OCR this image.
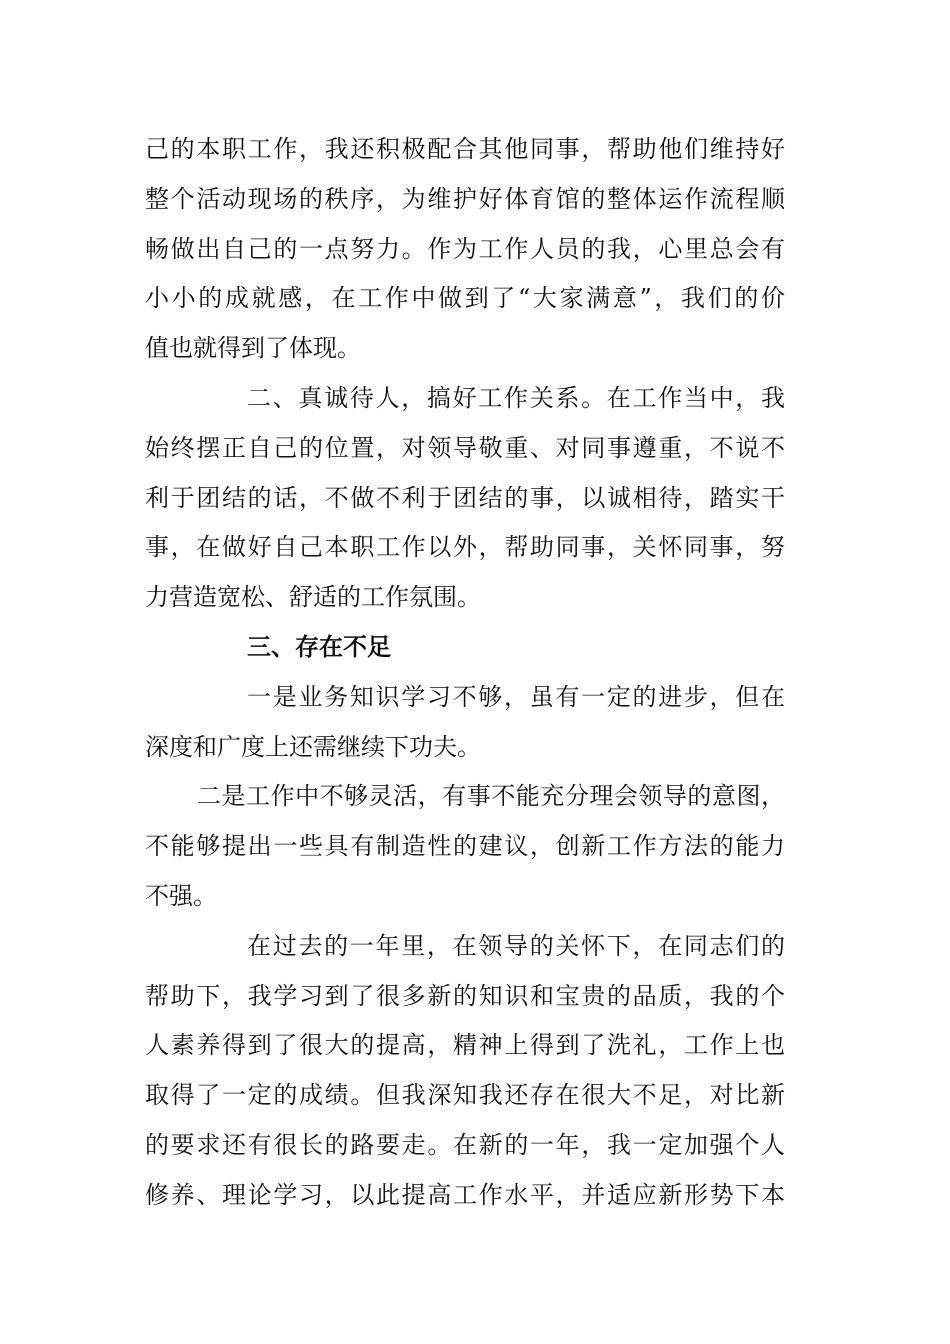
己的本职工作，我还积极配合其他同事，帮助他们维持好
整个活动现场的秩序，为维护好体育馆的整体运作流程顺
畅做出自己的一点努力。作为工作人员的我，心里总会有
小小的成就感，在工作中做到了“大家满意”，我们的价
值也就得到了体现。
二、真诚待人，搞好工作关系。在工作当中，我
始终摆正自己的位置，对领导敬重、对同事遵重，不说不
利于团结的话，不做不利于团结的事，以诚相待，踏实干
事，在做好自己本职工作以外，帮助同事，关怀同事，努
力营造宽松、舒适的工作氛围。
三、存在不足
一是业务知识学习不够，虽有一定的进步，但在
深度和广度上还需继续下功夫。
二是工作中不够灵活，有事不能充分理会领导的意图，
不能够提出一些具有制造性的建议，创新工作方法的能力
不强。
在过去的一年里，在领导的关怀下，在同志们的
帮助下，我学习到了很多新的知识和宝贵的品质，我的个
人素养得到了很大的提高，精神上得到了洗礼，工作上也
取得了一定的成绩。但我深知我还存在很大不足，对比新
的要求还有很长的路要走。在新的一年，我一定加强个人
修养、理论学习，以此提高工作水平，并适应新形势下本
